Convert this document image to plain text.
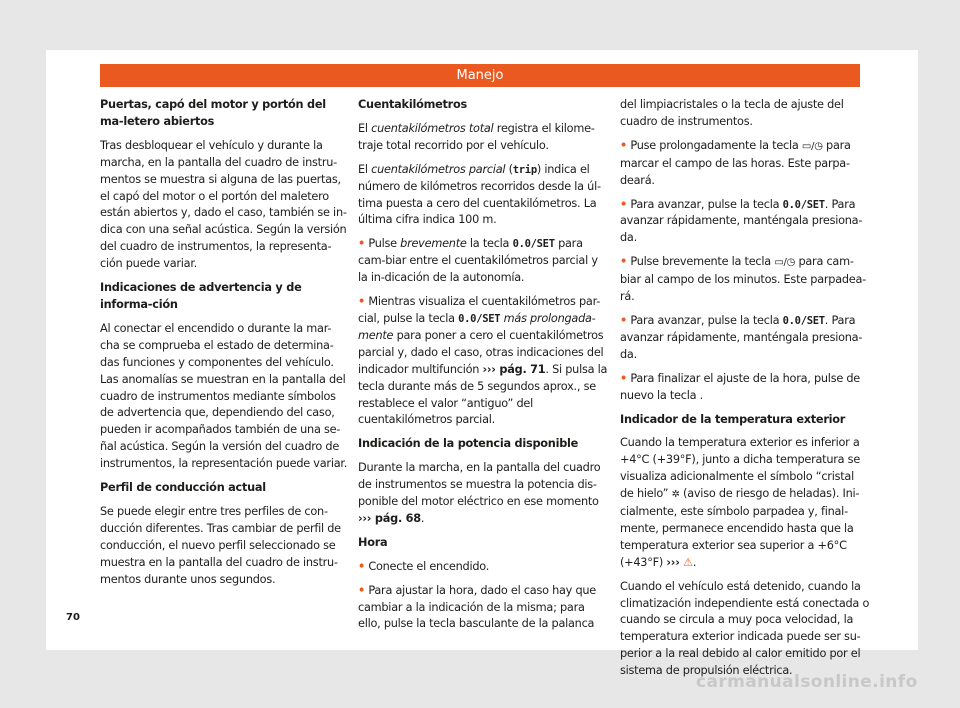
Manejo

Puertas, capó del motor y portón del ma-letero abiertos

Tras desbloquear el vehículo y durante la marcha, en la pantalla del cuadro de instru-mentos se muestra si alguna de las puertas, el capó del motor o el portón del maletero están abiertos y, dado el caso, también se in-dica con una señal acústica. Según la versión del cuadro de instrumentos, la representa-ción puede variar.

Indicaciones de advertencia y de informa-ción

Al conectar el encendido o durante la mar-cha se comprueba el estado de determina-das funciones y componentes del vehículo. Las anomalías se muestran en la pantalla del cuadro de instrumentos mediante símbolos de advertencia que, dependiendo del caso, pueden ir acompañados también de una se-ñal acústica. Según la versión del cuadro de instrumentos, la representación puede variar.

Perfil de conducción actual

Se puede elegir entre tres perfiles de con-ducción diferentes. Tras cambiar de perfil de conducción, el nuevo perfil seleccionado se muestra en la pantalla del cuadro de instru-mentos durante unos segundos.

Cuentakilómetros

El cuentakilómetros total registra el kilome-traje total recorrido por el vehículo.

El cuentakilómetros parcial (trip) indica el número de kilómetros recorridos desde la úl-tima puesta a cero del cuentakilómetros. La última cifra indica 100 m.

• Pulse brevemente la tecla 0.0/SET para cam-biar entre el cuentakilómetros parcial y la in-dicación de la autonomía.

• Mientras visualiza el cuentakilómetros par-cial, pulse la tecla 0.0/SET más prolongada-mente para poner a cero el cuentakilómetros parcial y, dado el caso, otras indicaciones del indicador multifunción ››› pág. 71. Si pulsa la tecla durante más de 5 segundos aprox., se restablece el valor “antiguo” del cuentakilómetros parcial.

Indicación de la potencia disponible

Durante la marcha, en la pantalla del cuadro de instrumentos se muestra la potencia dis-ponible del motor eléctrico en ese momento ››› pág. 68.

Hora

• Conecte el encendido.

• Para ajustar la hora, dado el caso hay que cambiar a la indicación de la misma; para ello, pulse la tecla basculante de la palanca

del limpiacristales o la tecla de ajuste del cuadro de instrumentos.

• Puse prolongadamente la tecla ▭/◷ para marcar el campo de las horas. Este parpa-deará.

• Para avanzar, pulse la tecla 0.0/SET. Para avanzar rápidamente, manténgala presiona-da.

• Pulse brevemente la tecla ▭/◷ para cam-biar al campo de los minutos. Este parpadea-rá.

• Para avanzar, pulse la tecla 0.0/SET. Para avanzar rápidamente, manténgala presiona-da.

• Para finalizar el ajuste de la hora, pulse de nuevo la tecla .

Indicador de la temperatura exterior

Cuando la temperatura exterior es inferior a +4°C (+39°F), junto a dicha temperatura se visualiza adicionalmente el símbolo “cristal de hielo” ✲ (aviso de riesgo de heladas). Ini-cialmente, este símbolo parpadea y, final-mente, permanece encendido hasta que la temperatura exterior sea superior a +6°C (+43°F) ››› ⚠.

Cuando el vehículo está detenido, cuando la climatización independiente está conectada o cuando se circula a muy poca velocidad, la temperatura exterior indicada puede ser su-perior a la real debido al calor emitido por el sistema de propulsión eléctrica.

70
carmanualsonline.info
